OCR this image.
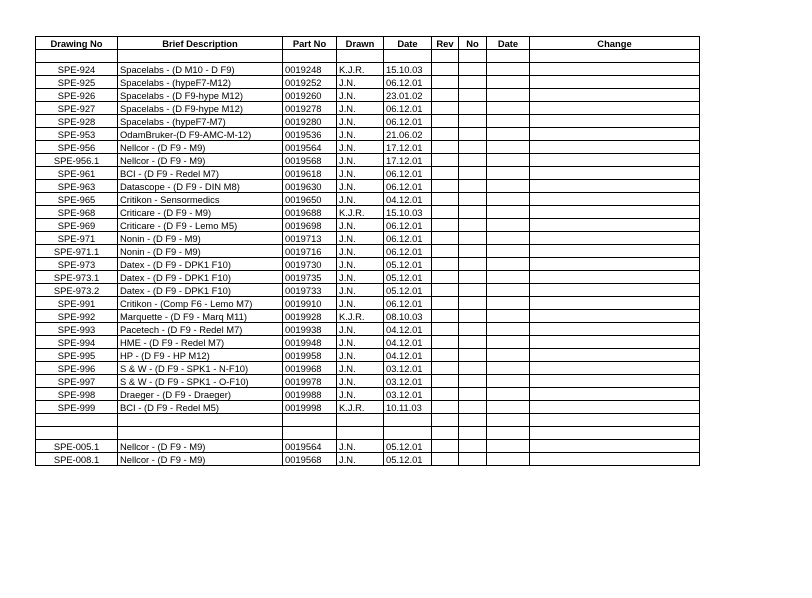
Drawing No	Brief Description	Part No	Drawn	Date	Rev	No	Date	Change

SPE-924	Spacelabs - (D M10 - D F9)	0019248	K.J.R.	15.10.03				
SPE-925	Spacelabs - (hypeF7-M12)	0019252	J.N.	06.12.01				
SPE-926	Spacelabs - (D F9-hype M12)	0019260	J.N.	23.01.02				
SPE-927	Spacelabs - (D F9-hype M12)	0019278	J.N.	06.12.01				
SPE-928	Spacelabs - (hypeF7-M7)	0019280	J.N.	06.12.01				
SPE-953	OdamBruker-(D F9-AMC-M-12)	0019536	J.N.	21.06.02				
SPE-956	Nellcor - (D F9 - M9)	0019564	J.N.	17.12.01				
SPE-956.1	Nellcor - (D F9 - M9)	0019568	J.N.	17.12.01				
SPE-961	BCI - (D F9 - Redel M7)	0019618	J.N.	06.12.01				
SPE-963	Datascope - (D F9 - DIN M8)	0019630	J.N.	06.12.01				
SPE-965	Critikon - Sensormedics	0019650	J.N.	04.12.01				
SPE-968	Criticare - (D F9 - M9)	0019688	K.J.R.	15.10.03				
SPE-969	Criticare - (D F9 - Lemo M5)	0019698	J.N.	06.12.01				
SPE-971	Nonin - (D F9 - M9)	0019713	J.N.	06.12.01				
SPE-971.1	Nonin - (D F9 - M9)	0019716	J.N.	06.12.01				
SPE-973	Datex - (D F9 - DPK1 F10)	0019730	J.N.	05.12.01				
SPE-973.1	Datex - (D F9 - DPK1 F10)	0019735	J.N.	05.12.01				
SPE-973.2	Datex - (D F9 - DPK1 F10)	0019733	J.N.	05.12.01				
SPE-991	Critikon - (Comp F6 - Lemo M7)	0019910	J.N.	06.12.01				
SPE-992	Marquette - (D F9 - Marq M11)	0019928	K.J.R.	08.10.03				
SPE-993	Pacetech - (D F9 - Redel M7)	0019938	J.N.	04.12.01				
SPE-994	HME - (D F9 - Redel M7)	0019948	J.N.	04.12.01				
SPE-995	HP - (D F9 - HP M12)	0019958	J.N.	04.12.01				
SPE-996	S & W - (D F9 - SPK1 - N-F10)	0019968	J.N.	03.12.01				
SPE-997	S & W - (D F9 - SPK1 - O-F10)	0019978	J.N.	03.12.01				
SPE-998	Draeger - (D F9 - Draeger)	0019988	J.N.	03.12.01				
SPE-999	BCI - (D F9 - Redel M5)	0019998	K.J.R.	10.11.03				

SPE-005.1	Nellcor - (D F9 - M9)	0019564	J.N.	05.12.01				
SPE-008.1	Nellcor - (D F9 - M9)	0019568	J.N.	05.12.01				
